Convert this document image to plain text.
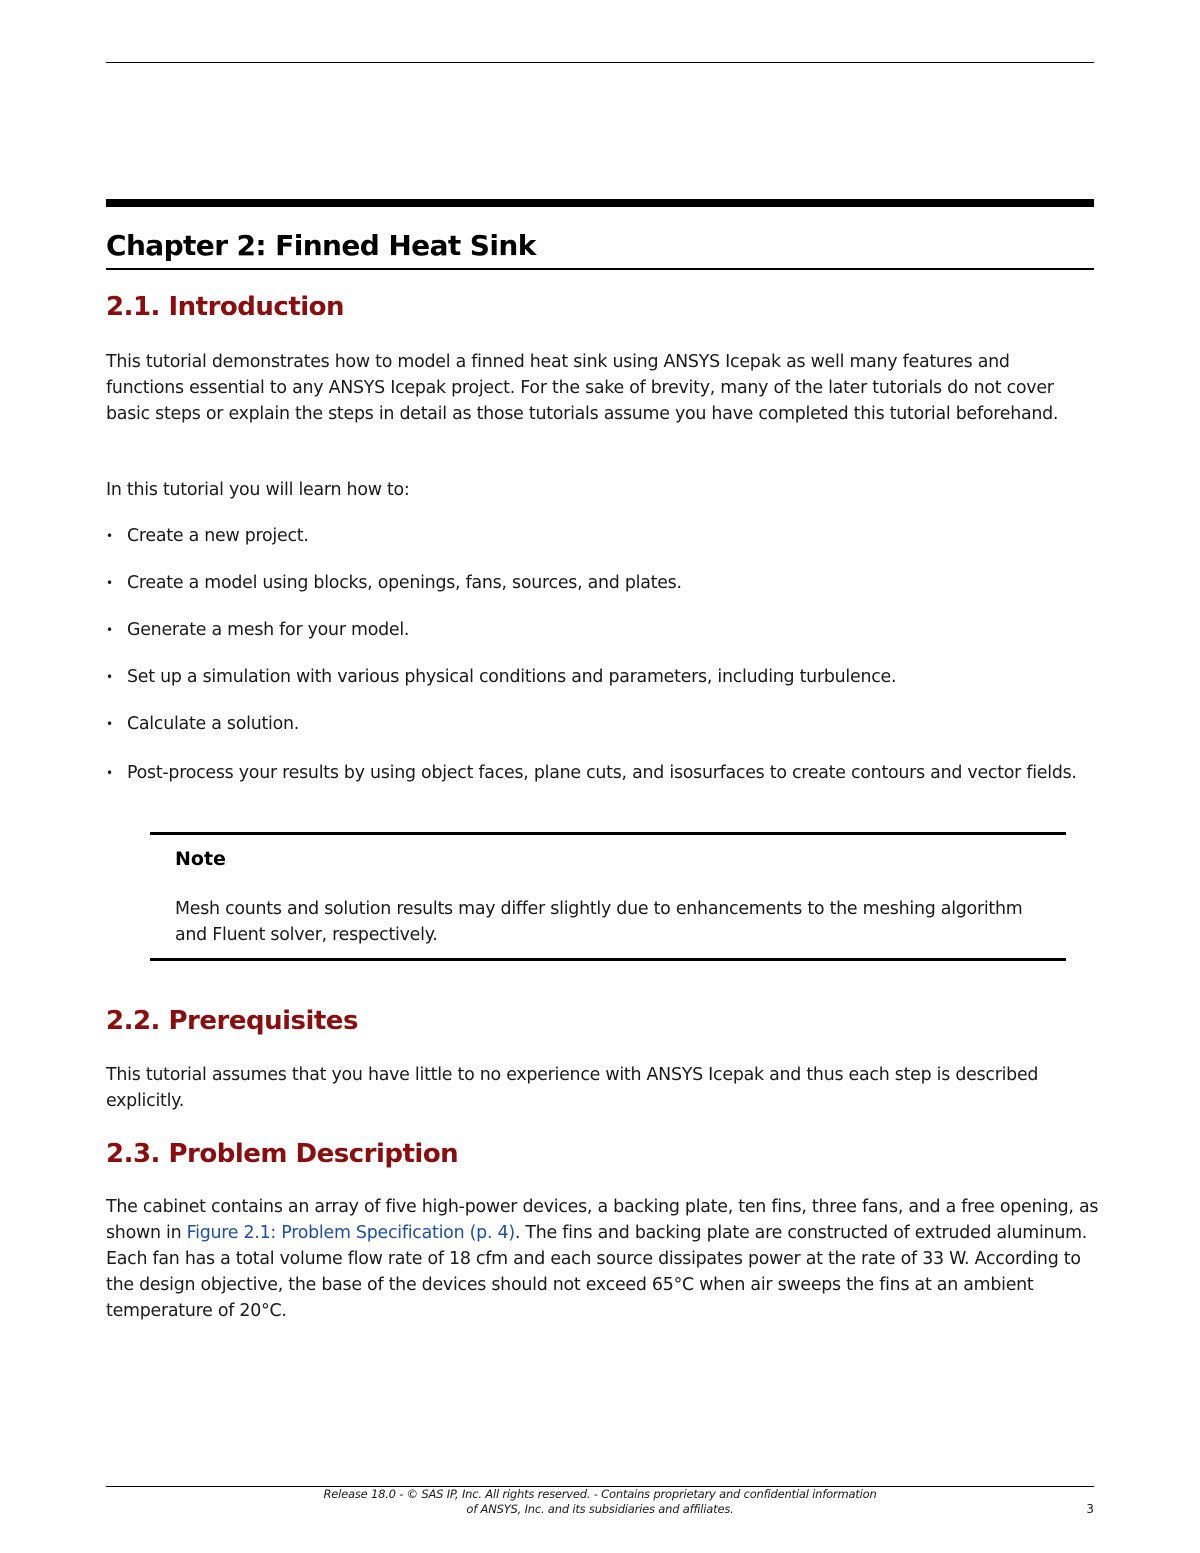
Chapter 2: Finned Heat Sink
2.1. Introduction

This tutorial demonstrates how to model a finned heat sink using ANSYS Icepak as well many features and functions essential to any ANSYS Icepak project. For the sake of brevity, many of the later tutorials do not cover basic steps or explain the steps in detail as those tutorials assume you have completed this tutorial beforehand.

In this tutorial you will learn how to:

• Create a new project.
• Create a model using blocks, openings, fans, sources, and plates.
• Generate a mesh for your model.
• Set up a simulation with various physical conditions and parameters, including turbulence.
• Calculate a solution.
• Post-process your results by using object faces, plane cuts, and isosurfaces to create contours and vector fields.

Note

Mesh counts and solution results may differ slightly due to enhancements to the meshing algorithm and Fluent solver, respectively.

2.2. Prerequisites

This tutorial assumes that you have little to no experience with ANSYS Icepak and thus each step is described explicitly.

2.3. Problem Description

The cabinet contains an array of five high-power devices, a backing plate, ten fins, three fans, and a free opening, as shown in Figure 2.1: Problem Specification (p. 4). The fins and backing plate are constructed of extruded aluminum. Each fan has a total volume flow rate of 18 cfm and each source dissipates power at the rate of 33 W. According to the design objective, the base of the devices should not exceed 65°C when air sweeps the fins at an ambient temperature of 20°C.

Release 18.0 - © SAS IP, Inc. All rights reserved. - Contains proprietary and confidential information
of ANSYS, Inc. and its subsidiaries and affiliates.	3
